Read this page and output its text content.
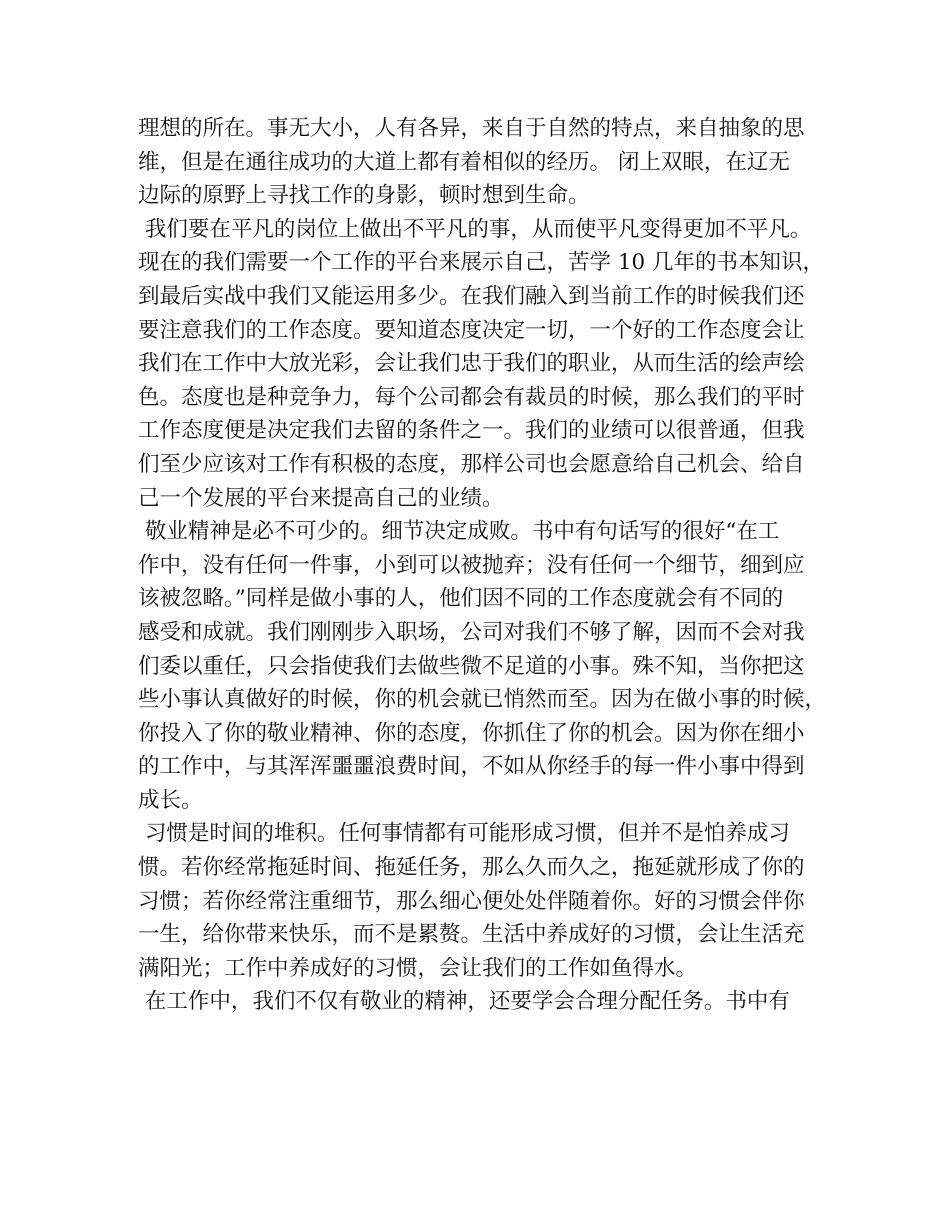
理想的所在。事无大小，人有各异，来自于自然的特点，来自抽象的思
维，但是在通往成功的大道上都有着相似的经历。 闭上双眼，在辽无
边际的原野上寻找工作的身影，顿时想到生命。
我们要在平凡的岗位上做出不平凡的事，从而使平凡变得更加不平凡。
现在的我们需要一个工作的平台来展示自己，苦学 10 几年的书本知识，
到最后实战中我们又能运用多少。在我们融入到当前工作的时候我们还
要注意我们的工作态度。要知道态度决定一切，一个好的工作态度会让
我们在工作中大放光彩，会让我们忠于我们的职业，从而生活的绘声绘
色。态度也是种竞争力，每个公司都会有裁员的时候，那么我们的平时
工作态度便是决定我们去留的条件之一。我们的业绩可以很普通，但我
们至少应该对工作有积极的态度，那样公司也会愿意给自己机会、给自
己一个发展的平台来提高自己的业绩。
敬业精神是必不可少的。细节决定成败。书中有句话写的很好“在工
作中，没有任何一件事，小到可以被抛弃；没有任何一个细节，细到应
该被忽略。”同样是做小事的人，他们因不同的工作态度就会有不同的
感受和成就。我们刚刚步入职场，公司对我们不够了解，因而不会对我
们委以重任，只会指使我们去做些微不足道的小事。殊不知，当你把这
些小事认真做好的时候，你的机会就已悄然而至。因为在做小事的时候，
你投入了你的敬业精神、你的态度，你抓住了你的机会。因为你在细小
的工作中，与其浑浑噩噩浪费时间，不如从你经手的每一件小事中得到
成长。
习惯是时间的堆积。任何事情都有可能形成习惯，但并不是怕养成习
惯。若你经常拖延时间、拖延任务，那么久而久之，拖延就形成了你的
习惯；若你经常注重细节，那么细心便处处伴随着你。好的习惯会伴你
一生，给你带来快乐，而不是累赘。生活中养成好的习惯，会让生活充
满阳光；工作中养成好的习惯，会让我们的工作如鱼得水。
在工作中，我们不仅有敬业的精神，还要学会合理分配任务。书中有
